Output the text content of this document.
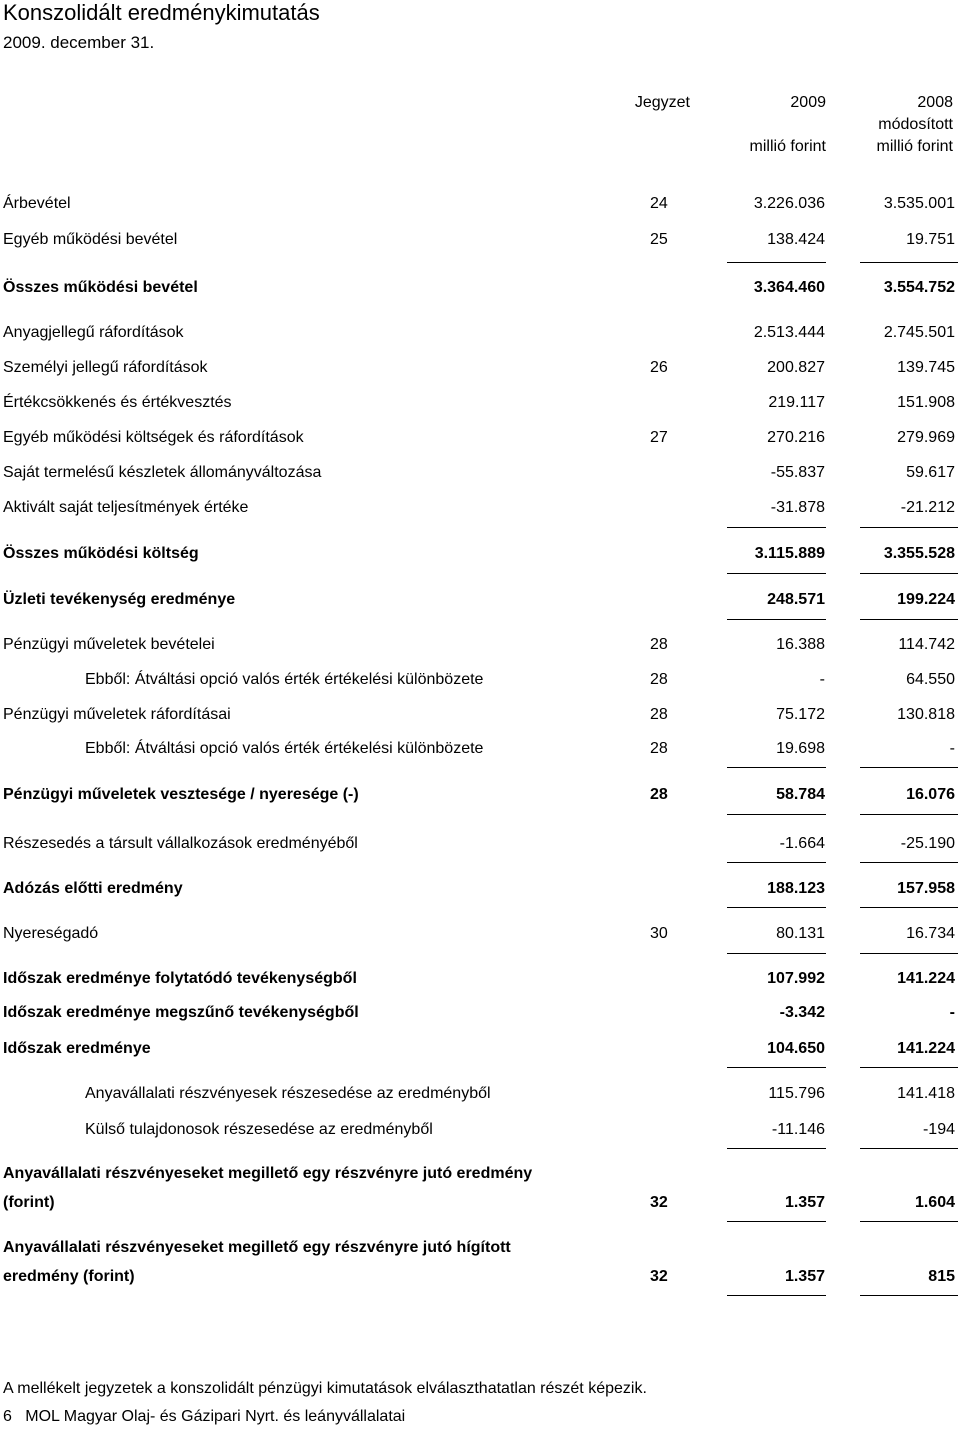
Konszolidált eredménykimutatás
2009. december 31.
Jegyzet	2009
millió forint
2008
módosított
millió forint
Árbevétel	24	3.226.036	3.535.001
Egyéb működési bevétel	25	138.424	19.751
Összes működési bevétel	3.364.460	3.554.752
Anyagjellegű ráfordítások	2.513.444	2.745.501
Személyi jellegű ráfordítások	26	200.827	139.745
Értékcsökkenés és értékvesztés	219.117	151.908
Egyéb működési költségek és ráfordítások	27	270.216	279.969
Saját termelésű készletek állományváltozása	-55.837	59.617
Aktivált saját teljesítmények értéke	-31.878	-21.212
Összes működési költség	3.115.889	3.355.528
Üzleti tevékenység eredménye	248.571	199.224
Pénzügyi műveletek bevételei	28	16.388	114.742
Ebből: Átváltási opció valós érték értékelési különbözete	28	-	64.550
Pénzügyi műveletek ráfordításai	28	75.172	130.818
Ebből: Átváltási opció valós érték értékelési különbözete	28	19.698	-
Pénzügyi műveletek vesztesége / nyeresége (-)	28	58.784	16.076
Részesedés a társult vállalkozások eredményéből	-1.664	-25.190
Adózás előtti eredmény	188.123	157.958
Nyereségadó	30	80.131	16.734
Időszak eredménye folytatódó tevékenységből	107.992	141.224
Időszak eredménye megszűnő tevékenységből	-3.342	-
Időszak eredménye	104.650	141.224
Anyavállalati részvényesek részesedése az eredményből	115.796	141.418
Külső tulajdonosok részesedése az eredményből	-11.146	-194
Anyavállalati részvényeseket megillető egy részvényre jutó eredmény
(forint)	32	1.357	1.604
Anyavállalati részvényeseket megillető egy részvényre jutó hígított
eredmény (forint)	32	1.357	815
A mellékelt jegyzetek a konszolidált pénzügyi kimutatások elválaszthatatlan részét képezik.
6   MOL Magyar Olaj- és Gázipari Nyrt. és leányvállalatai
